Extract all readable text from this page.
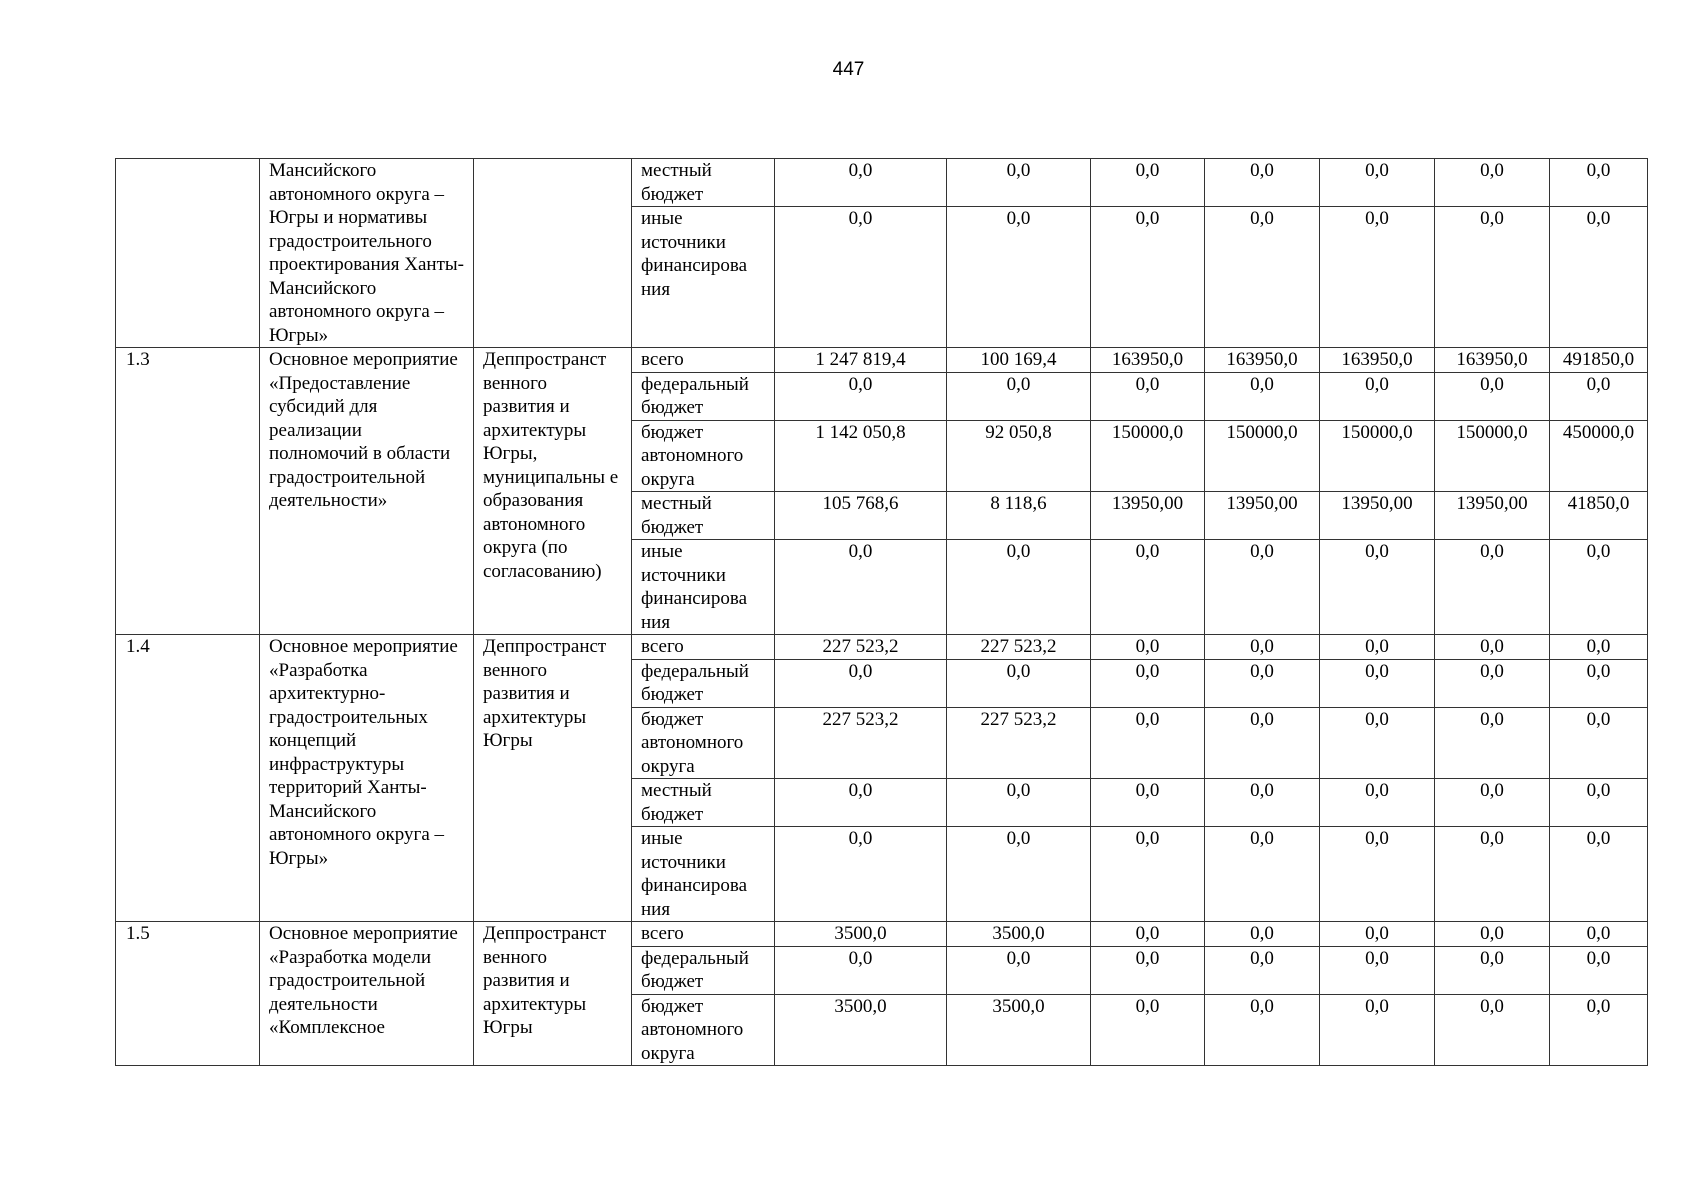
447
	Мансийского автономного округа – Югры и нормативы градостроительного проектирования Ханты-Мансийского автономного округа – Югры»		местный бюджет	0,0	0,0	0,0	0,0	0,0	0,0	0,0
			иные источники финансирова ния	0,0	0,0	0,0	0,0	0,0	0,0	0,0
1.3	Основное мероприятие «Предоставление субсидий для реализации полномочий в области градостроительной деятельности»	Деппространст венного развития и архитектуры Югры, муниципальны е образования автономного округа (по согласованию)	всего	1 247 819,4	100 169,4	163950,0	163950,0	163950,0	163950,0	491850,0
			федеральный бюджет	0,0	0,0	0,0	0,0	0,0	0,0	0,0
			бюджет автономного округа	1 142 050,8	92 050,8	150000,0	150000,0	150000,0	150000,0	450000,0
			местный бюджет	105 768,6	8 118,6	13950,00	13950,00	13950,00	13950,00	41850,0
			иные источники финансирова ния	0,0	0,0	0,0	0,0	0,0	0,0	0,0
1.4	Основное мероприятие «Разработка архитектурно-градостроительных концепций инфраструктуры территорий Ханты-Мансийского автономного округа – Югры»	Деппространст венного развития и архитектуры Югры	всего	227 523,2	227 523,2	0,0	0,0	0,0	0,0	0,0
			федеральный бюджет	0,0	0,0	0,0	0,0	0,0	0,0	0,0
			бюджет автономного округа	227 523,2	227 523,2	0,0	0,0	0,0	0,0	0,0
			местный бюджет	0,0	0,0	0,0	0,0	0,0	0,0	0,0
			иные источники финансирова ния	0,0	0,0	0,0	0,0	0,0	0,0	0,0
1.5	Основное мероприятие «Разработка модели градостроительной деятельности «Комплексное	Деппространст венного развития и архитектуры Югры	всего	3500,0	3500,0	0,0	0,0	0,0	0,0	0,0
			федеральный бюджет	0,0	0,0	0,0	0,0	0,0	0,0	0,0
			бюджет автономного округа	3500,0	3500,0	0,0	0,0	0,0	0,0	0,0
